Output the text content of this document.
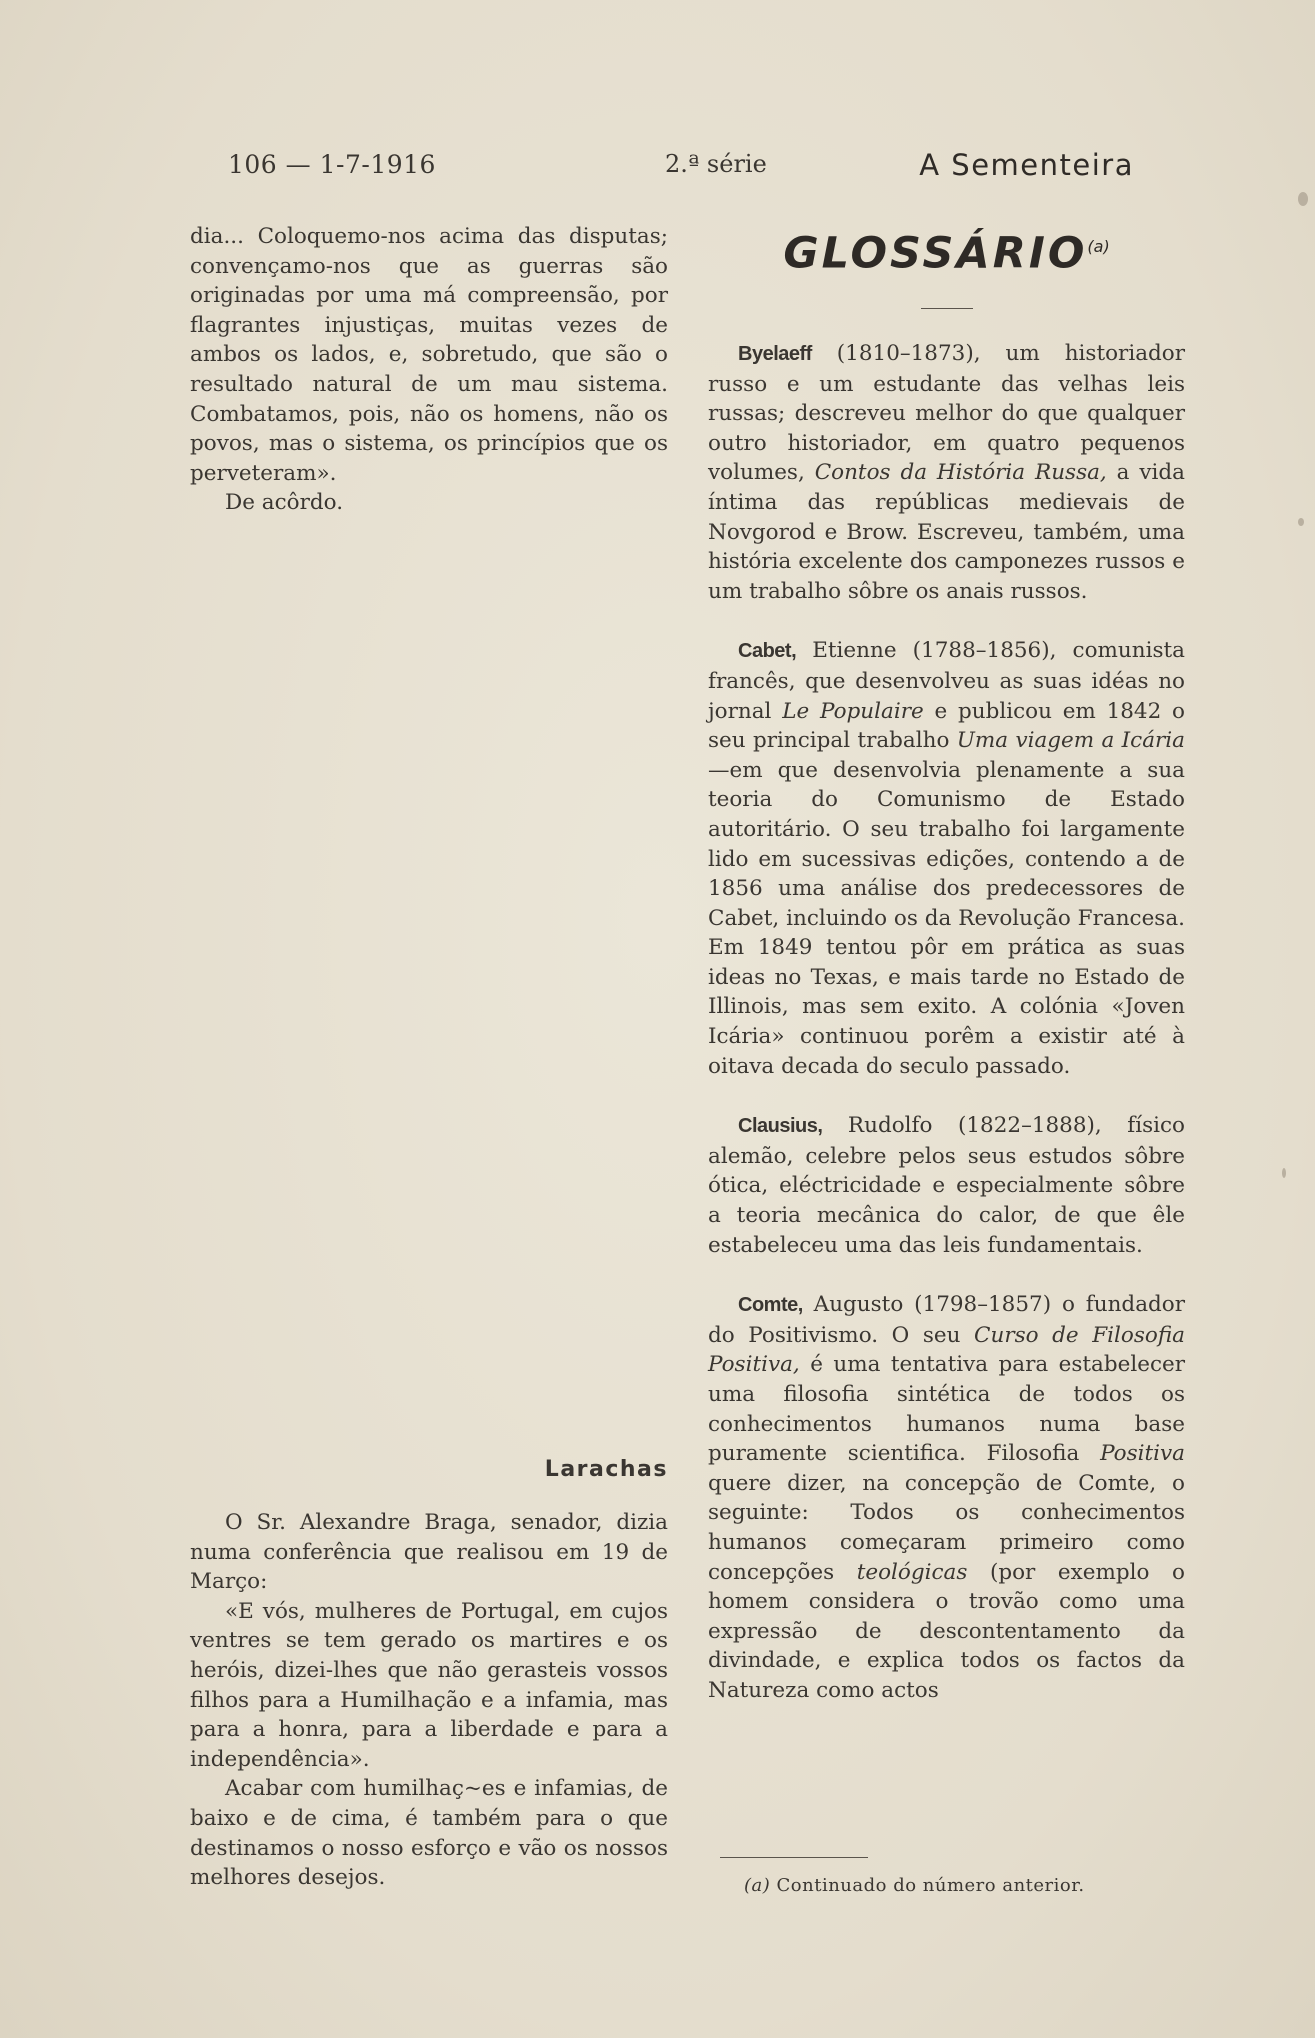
106 — 1-7-1916	2.ª série	A Sementeira

dia... Coloquemo-nos acima das disputas; convençamo-nos que as guerras são originadas por uma má compreensão, por flagrantes injustiças, muitas vezes de ambos os lados, e, sobretudo, que são o resultado natural de um mau sistema. Combatamos, pois, não os homens, não os povos, mas o sistema, os princípios que os perveteram».

De acôrdo.

Larachas

O Sr. Alexandre Braga, senador, dizia numa conferência que realisou em 19 de Março:

«E vós, mulheres de Portugal, em cujos ventres se tem gerado os martires e os heróis, dizei-lhes que não gerasteis vossos filhos para a Humilhação e a infamia, mas para a honra, para a liberdade e para a independência».

Acabar com humilhaç~es e infamias, de baixo e de cima, é também para o que destinamos o nosso esforço e vão os nossos melhores desejos.

GLOSSÁRIO$^{(a)}$

Byelaeff (1810–1873), um historiador russo e um estudante das velhas leis russas; descreveu melhor do que qualquer outro historiador, em quatro pequenos volumes, Contos da História Russa, a vida íntima das repúblicas medievais de Novgorod e Brow. Escreveu, também, uma história excelente dos camponezes russos e um trabalho sôbre os anais russos.

Cabet, Etienne (1788–1856), comunista francês, que desenvolveu as suas idéas no jornal Le Populaire e publicou em 1842 o seu principal trabalho Uma viagem a Icária—em que desenvolvia plenamente a sua teoria do Comunismo de Estado autoritário. O seu trabalho foi largamente lido em sucessivas edições, contendo a de 1856 uma análise dos predecessores de Cabet, incluindo os da Revolução Francesa. Em 1849 tentou pôr em prática as suas ideas no Texas, e mais tarde no Estado de Illinois, mas sem exito. A colónia «Joven Icária» continuou porêm a existir até à oitava decada do seculo passado.

Clausius, Rudolfo (1822–1888), físico alemão, celebre pelos seus estudos sôbre ótica, eléctricidade e especialmente sôbre a teoria mecânica do calor, de que êle estabeleceu uma das leis fundamentais.

Comte, Augusto (1798–1857) o fundador do Positivismo. O seu Curso de Filosofia Positiva, é uma tentativa para estabelecer uma filosofia sintética de todos os conhecimentos humanos numa base puramente scientifica. Filosofia Positiva quere dizer, na concepção de Comte, o seguinte: Todos os conhecimentos humanos começaram primeiro como concepções teológicas (por exemplo o homem considera o trovão como uma expressão de descontentamento da divindade, e explica todos os factos da Natureza como actos

(a) Continuado do número anterior.
